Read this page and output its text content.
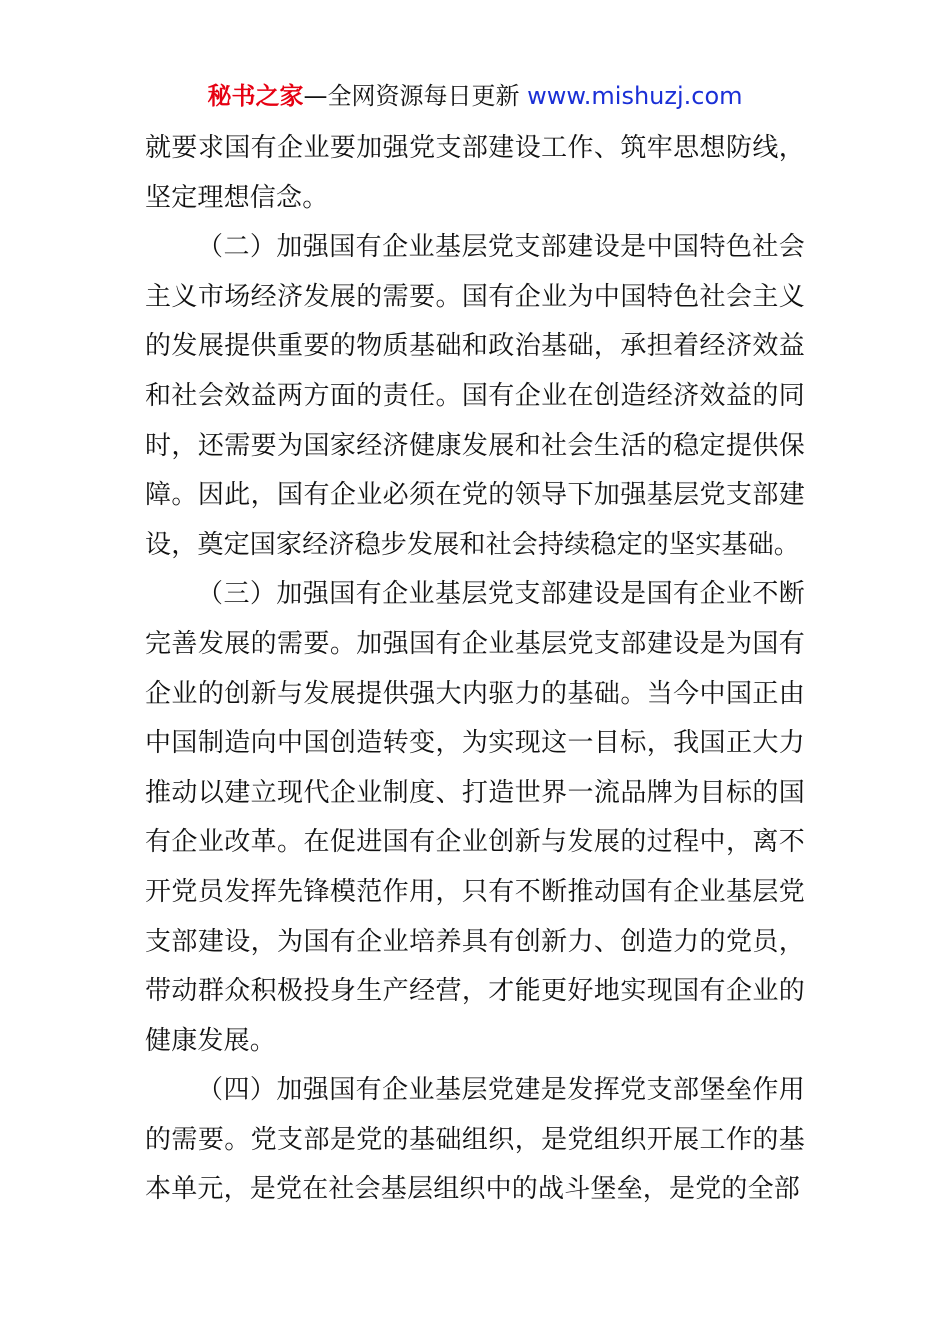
秘书之家—全网资源每日更新 www.mishuzj.com

就要求国有企业要加强党支部建设工作、筑牢思想防线，坚定理想信念。

（二）加强国有企业基层党支部建设是中国特色社会主义市场经济发展的需要。国有企业为中国特色社会主义的发展提供重要的物质基础和政治基础，承担着经济效益和社会效益两方面的责任。国有企业在创造经济效益的同时，还需要为国家经济健康发展和社会生活的稳定提供保障。因此，国有企业必须在党的领导下加强基层党支部建设，奠定国家经济稳步发展和社会持续稳定的坚实基础。

（三）加强国有企业基层党支部建设是国有企业不断完善发展的需要。加强国有企业基层党支部建设是为国有企业的创新与发展提供强大内驱力的基础。当今中国正由中国制造向中国创造转变，为实现这一目标，我国正大力推动以建立现代企业制度、打造世界一流品牌为目标的国有企业改革。在促进国有企业创新与发展的过程中，离不开党员发挥先锋模范作用，只有不断推动国有企业基层党支部建设，为国有企业培养具有创新力、创造力的党员，带动群众积极投身生产经营，才能更好地实现国有企业的健康发展。

（四）加强国有企业基层党建是发挥党支部堡垒作用的需要。党支部是党的基础组织，是党组织开展工作的基本单元，是党在社会基层组织中的战斗堡垒，是党的全部
